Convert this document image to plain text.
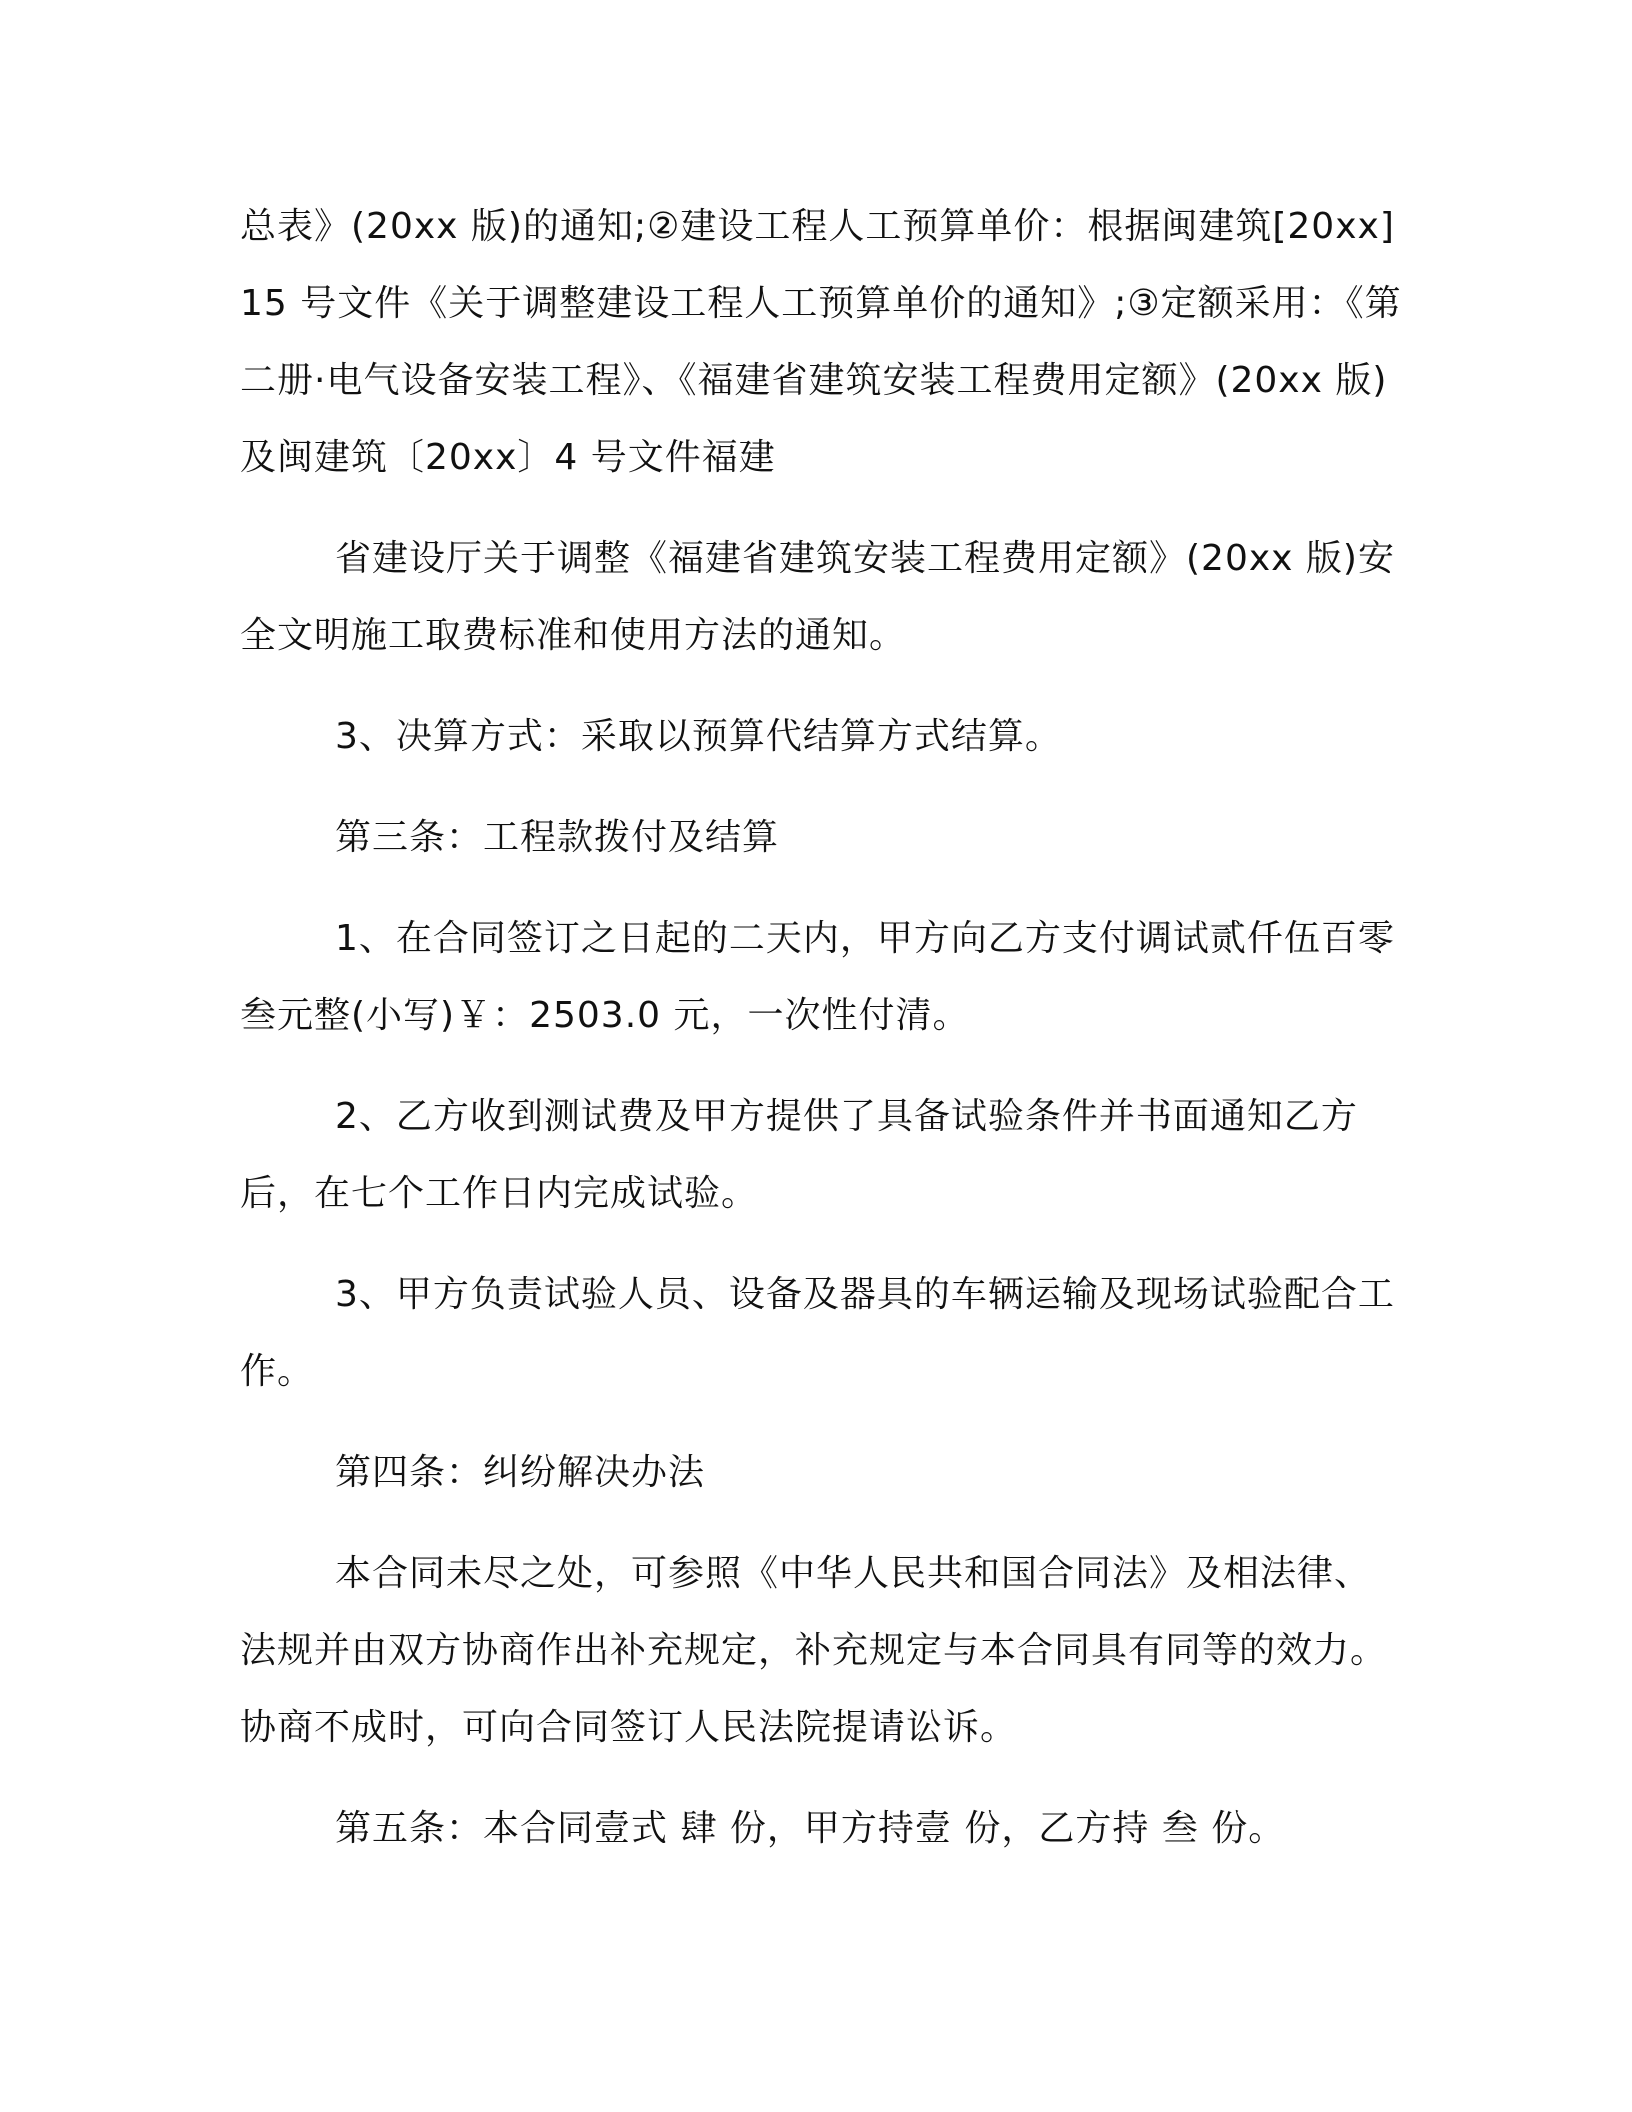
总表》(20xx 版)的通知;②建设工程人工预算单价：根据闽建筑[20xx]15 号文件《关于调整建设工程人工预算单价的通知》;③定额采用：《第二册·电气设备安装工程》、《福建省建筑安装工程费用定额》(20xx 版)及闽建筑〔20xx〕4 号文件福建

省建设厅关于调整《福建省建筑安装工程费用定额》(20xx 版)安全文明施工取费标准和使用方法的通知。

3、决算方式：采取以预算代结算方式结算。

第三条：工程款拨付及结算

1、在合同签订之日起的二天内，甲方向乙方支付调试贰仟伍百零叁元整(小写)￥：2503.0 元，一次性付清。

2、乙方收到测试费及甲方提供了具备试验条件并书面通知乙方后，在七个工作日内完成试验。

3、甲方负责试验人员、设备及器具的车辆运输及现场试验配合工作。

第四条：纠纷解决办法

本合同未尽之处，可参照《中华人民共和国合同法》及相法律、法规并由双方协商作出补充规定，补充规定与本合同具有同等的效力。协商不成时，可向合同签订人民法院提请讼诉。

第五条：本合同壹式 肆 份，甲方持壹 份，乙方持 叁 份。
